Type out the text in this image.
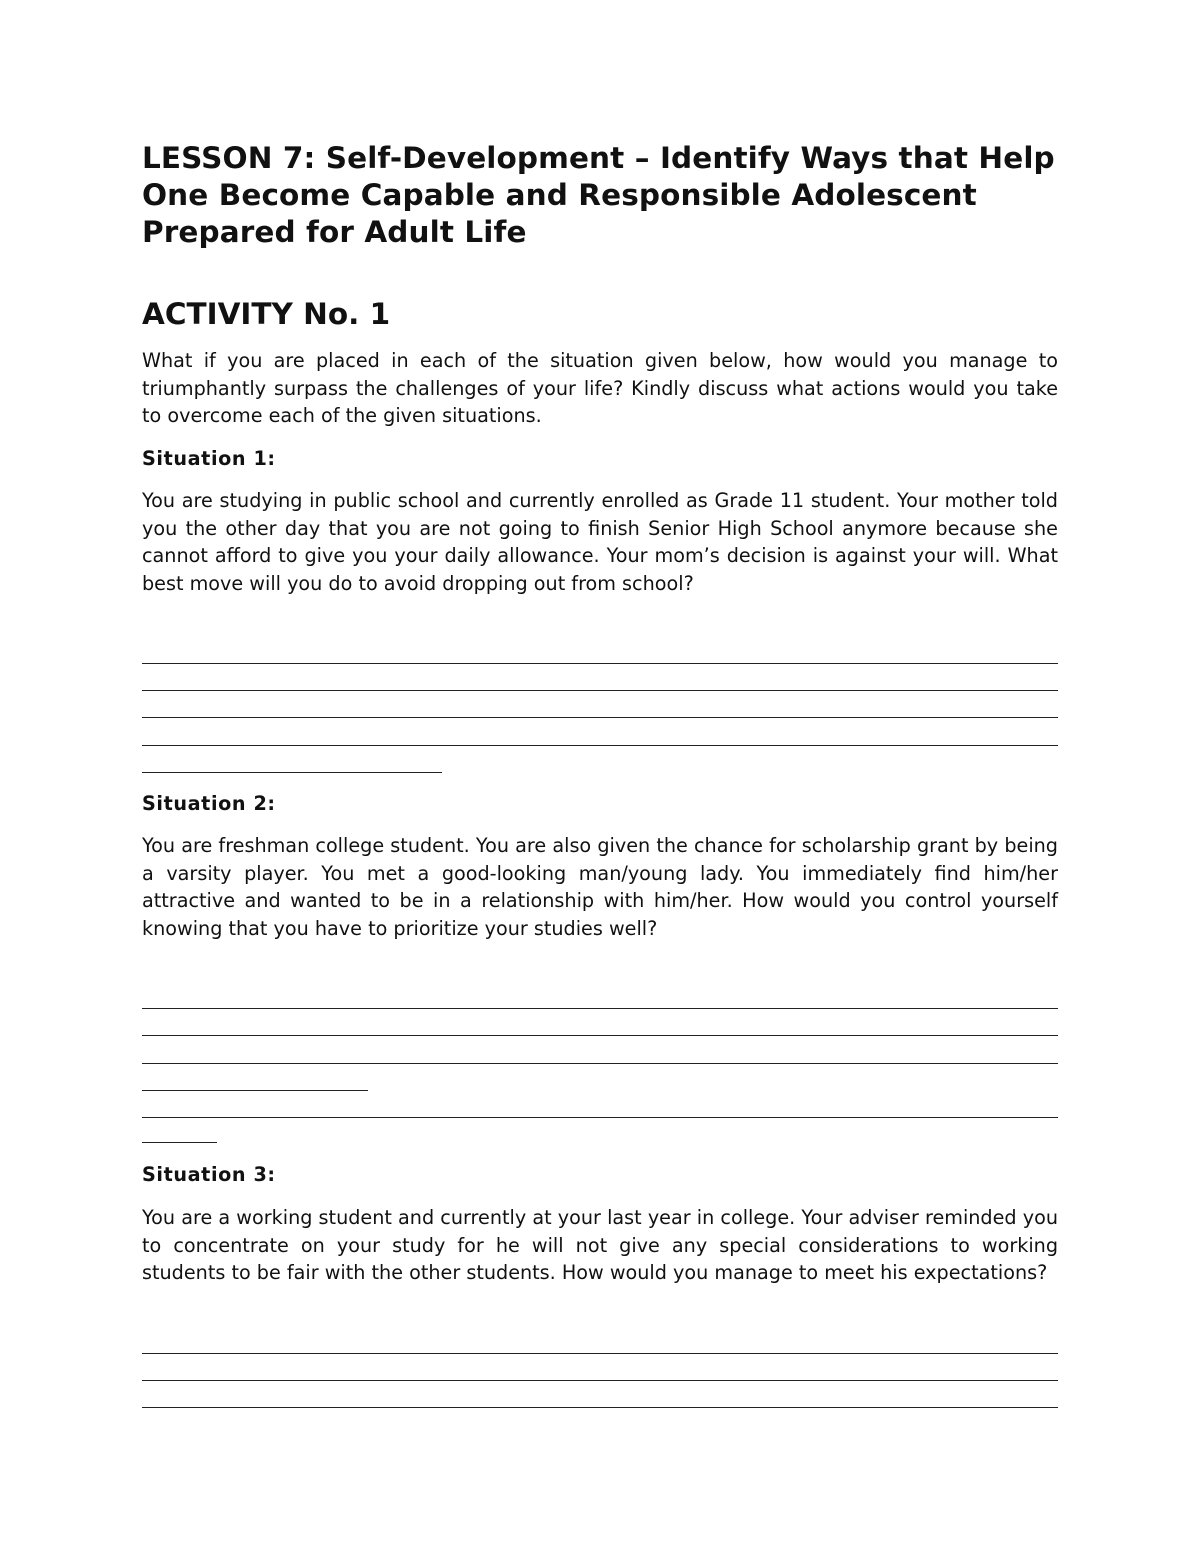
LESSON 7: Self-Development – Identify Ways that Help One Become Capable and Responsible Adolescent Prepared for Adult Life
ACTIVITY No. 1

What if you are placed in each of the situation given below, how would you manage to triumphantly surpass the challenges of your life? Kindly discuss what actions would you take to overcome each of the given situations.

Situation 1:

You are studying in public school and currently enrolled as Grade 11 student. Your mother told you the other day that you are not going to finish Senior High School anymore because she cannot afford to give you your daily allowance. Your mom’s decision is against your will. What best move will you do to avoid dropping out from school?

Situation 2:

You are freshman college student. You are also given the chance for scholarship grant by being a varsity player. You met a good-looking man/young lady. You immediately find him/her attractive and wanted to be in a relationship with him/her. How would you control yourself knowing that you have to prioritize your studies well?

Situation 3:

You are a working student and currently at your last year in college. Your adviser reminded you to concentrate on your study for he will not give any special considerations to working students to be fair with the other students. How would you manage to meet his expectations?
